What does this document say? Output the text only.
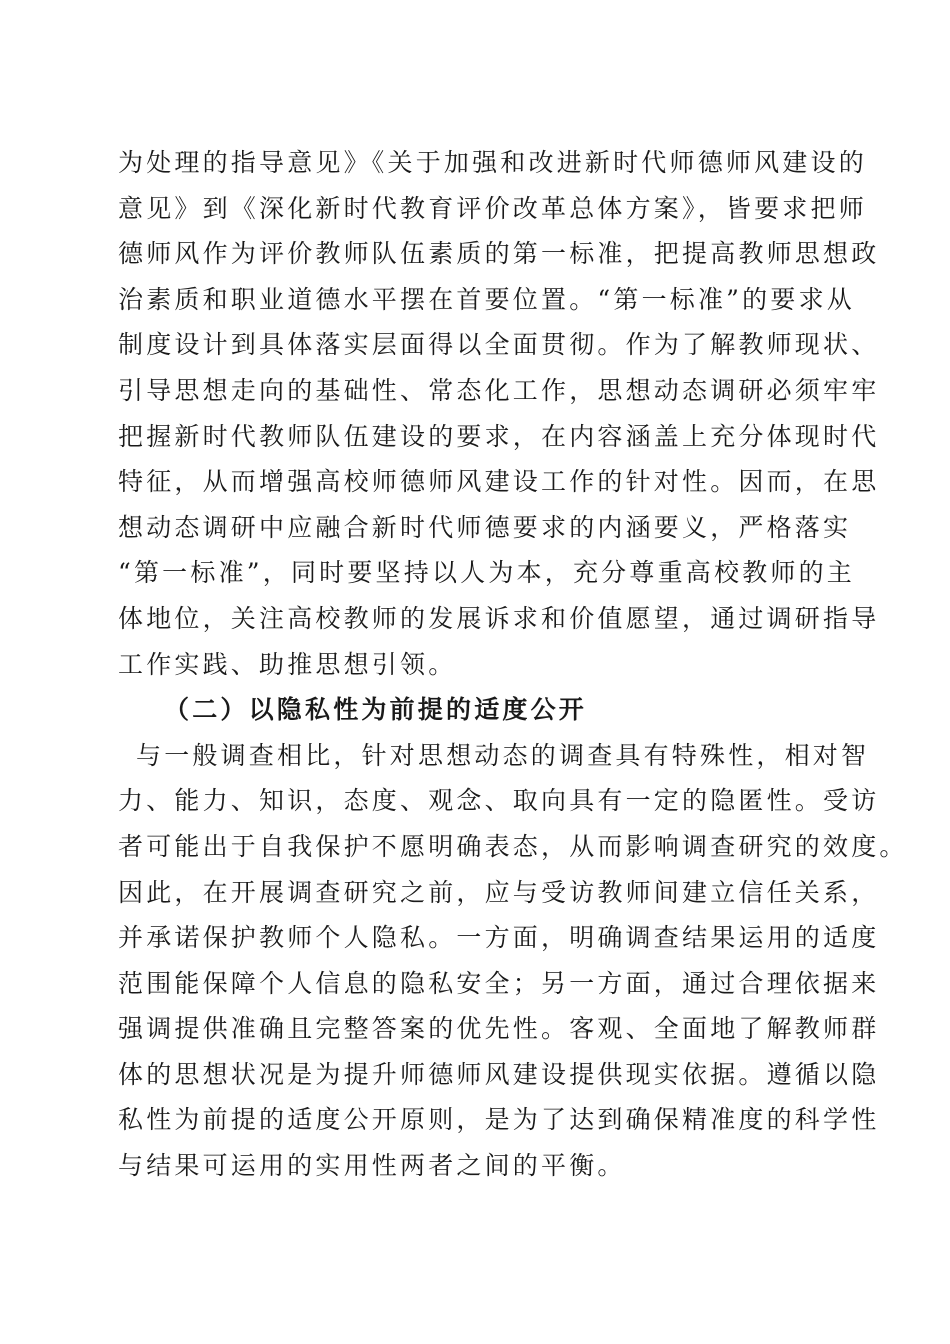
为处理的指导意见》《关于加强和改进新时代师德师风建设的
意见》到《深化新时代教育评价改革总体方案》，皆要求把师
德师风作为评价教师队伍素质的第一标准，把提高教师思想政
治素质和职业道德水平摆在首要位置。“第一标准”的要求从
制度设计到具体落实层面得以全面贯彻。作为了解教师现状、
引导思想走向的基础性、常态化工作，思想动态调研必须牢牢
把握新时代教师队伍建设的要求，在内容涵盖上充分体现时代
特征，从而增强高校师德师风建设工作的针对性。因而，在思
想动态调研中应融合新时代师德要求的内涵要义，严格落实
“第一标准”，同时要坚持以人为本，充分尊重高校教师的主
体地位，关注高校教师的发展诉求和价值愿望，通过调研指导
工作实践、助推思想引领。
（二）以隐私性为前提的适度公开
与一般调查相比，针对思想动态的调查具有特殊性，相对智
力、能力、知识，态度、观念、取向具有一定的隐匿性。受访
者可能出于自我保护不愿明确表态，从而影响调查研究的效度。
因此，在开展调查研究之前，应与受访教师间建立信任关系，
并承诺保护教师个人隐私。一方面，明确调查结果运用的适度
范围能保障个人信息的隐私安全；另一方面，通过合理依据来
强调提供准确且完整答案的优先性。客观、全面地了解教师群
体的思想状况是为提升师德师风建设提供现实依据。遵循以隐
私性为前提的适度公开原则，是为了达到确保精准度的科学性
与结果可运用的实用性两者之间的平衡。
